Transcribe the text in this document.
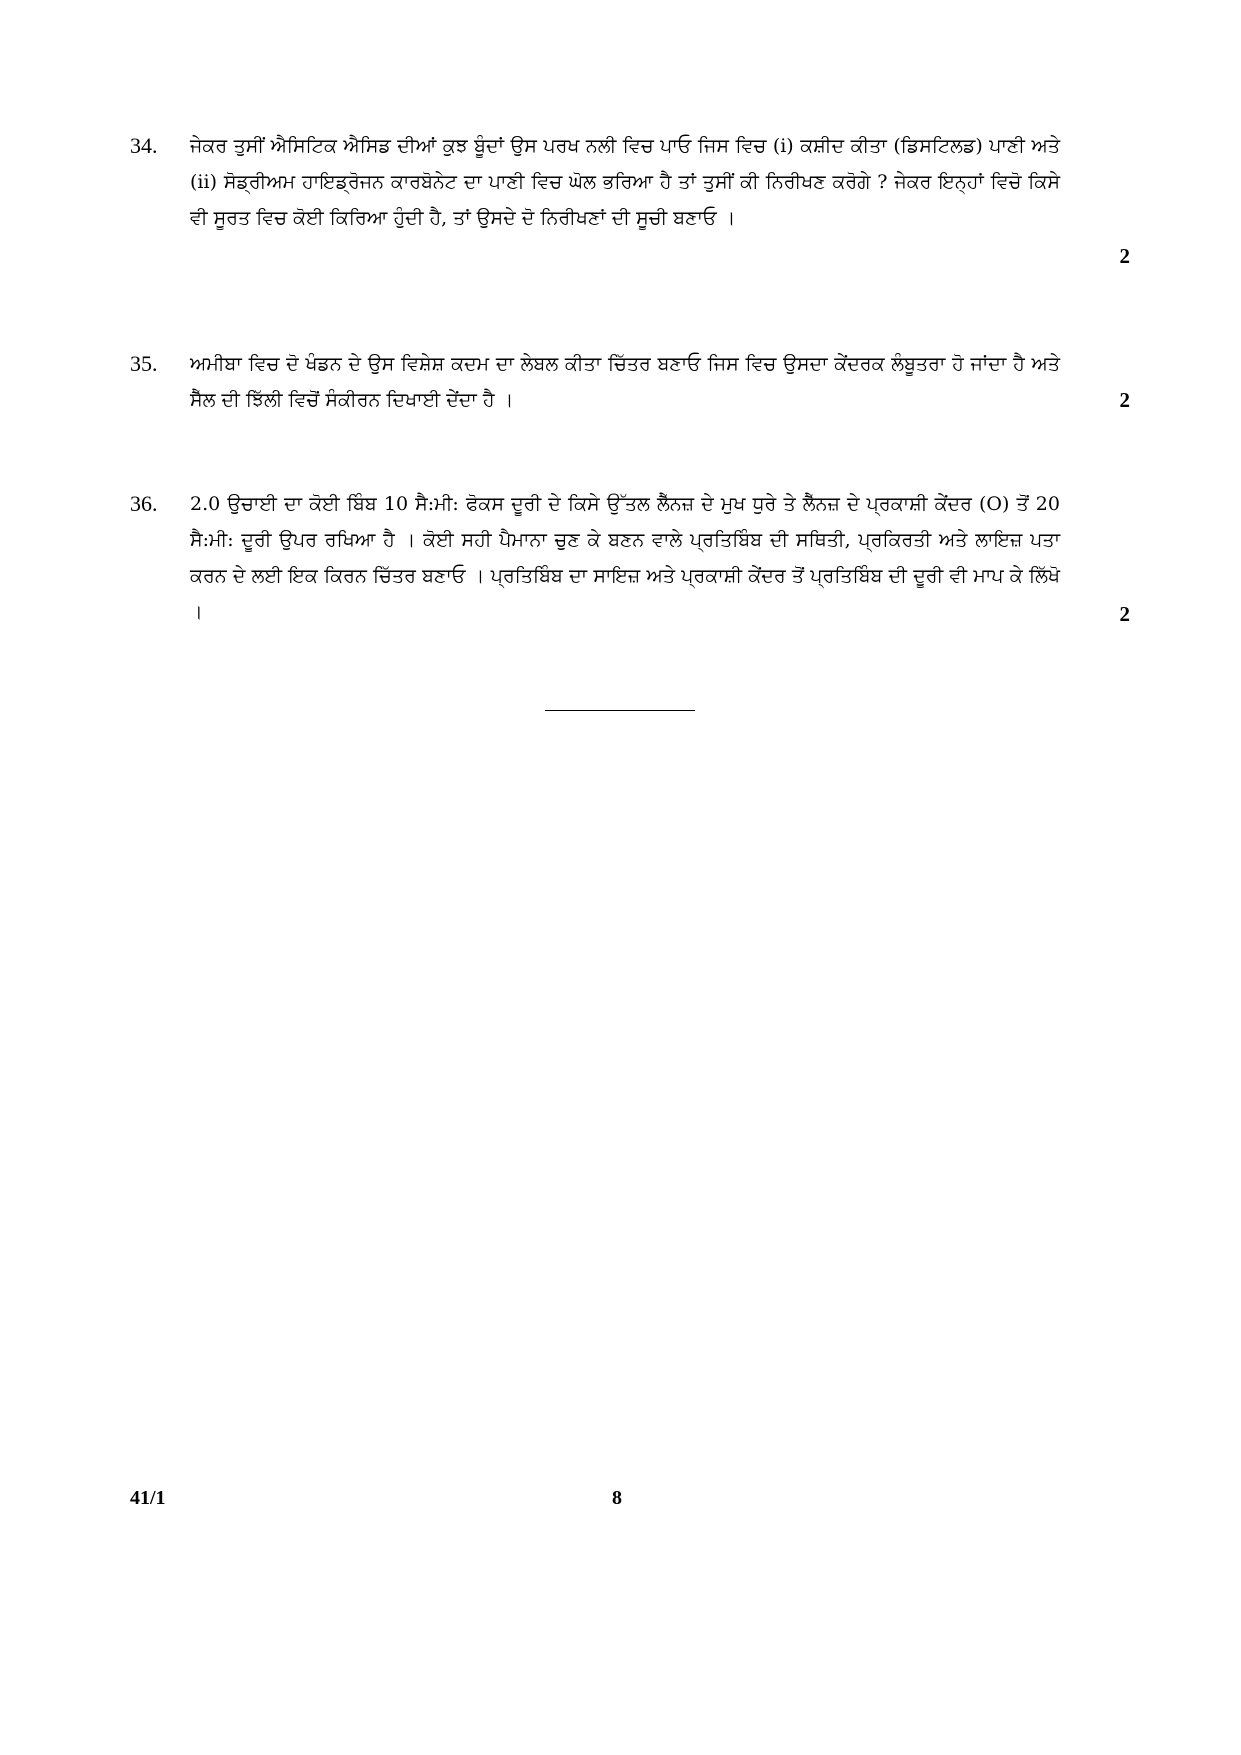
34. ਜੇਕਰ ਤੁਸੀਂ ਐਸਿਟਿਕ ਐਸਿਡ ਦੀਆਂ ਕੁਝ ਬੂੰਦਾਂ ਉਸ ਪਰਖ ਨਲੀ ਵਿਚ ਪਾਓ ਜਿਸ ਵਿਚ (i) ਕਸ਼ੀਦ ਕੀਤਾ (ਡਿਸਟਿਲਡ) ਪਾਣੀ ਅਤੇ (ii) ਸੋਡ੍ਰੀਅਮ ਹਾਇਡ੍ਰੋਜਨ ਕਾਰਬੋਨੇਟ ਦਾ ਪਾਣੀ ਵਿਚ ਘੋਲ ਭਰਿਆ ਹੈ ਤਾਂ ਤੁਸੀਂ ਕੀ ਨਿਰੀਖਣ ਕਰੋਗੇ ? ਜੇਕਰ ਇਨ੍ਹਾਂ ਵਿਚੋ ਕਿਸੇ ਵੀ ਸੂਰਤ ਵਿਚ ਕੋਈ ਕਿਰਿਆ ਹੁੰਦੀ ਹੈ, ਤਾਂ ਉਸਦੇ ਦੋ ਨਿਰੀਖਣਾਂ ਦੀ ਸੂਚੀ ਬਣਾਓ ।

2
35. ਅਮੀਬਾ ਵਿਚ ਦੋ ਖੰਡਨ ਦੇ ਉਸ ਵਿਸ਼ੇਸ਼ ਕਦਮ ਦਾ ਲੇਬਲ ਕੀਤਾ ਚਿੱਤਰ ਬਣਾਓ ਜਿਸ ਵਿਚ ਉਸਦਾ ਕੇਂਦਰਕ ਲੰਬੂਤਰਾ ਹੋ ਜਾਂਦਾ ਹੈ ਅਤੇ ਸੈੱਲ ਦੀ ਝਿੱਲੀ ਵਿਚੋਂ ਸੰਕੀਰਨ ਦਿਖਾਈ ਦੇਂਦਾ ਹੈ ।	2
36. 2.0 ਉਚਾਈ ਦਾ ਕੋਈ ਬਿੰਬ 10 ਸੈ:ਮੀ: ਫੋਕਸ ਦੂਰੀ ਦੇ ਕਿਸੇ ਉੱਤਲ ਲੈੱਨਜ਼ ਦੇ ਮੁਖ ਧੁਰੇ ਤੇ ਲੈੱਨਜ਼ ਦੇ ਪ੍ਰਕਾਸ਼ੀ ਕੇਂਦਰ (O) ਤੋਂ 20 ਸੈ:ਮੀ: ਦੂਰੀ ਉਪਰ ਰਖਿਆ ਹੈ । ਕੋਈ ਸਹੀ ਪੈਮਾਨਾ ਚੁਣ ਕੇ ਬਣਨ ਵਾਲੇ ਪ੍ਰਤਿਬਿੰਬ ਦੀ ਸਥਿਤੀ, ਪ੍ਰਕਿਰਤੀ ਅਤੇ ਲਾਇਜ਼ ਪਤਾ ਕਰਨ ਦੇ ਲਈ ਇਕ ਕਿਰਨ ਚਿੱਤਰ ਬਣਾਓ । ਪ੍ਰਤਿਬਿੰਬ ਦਾ ਸਾਇਜ਼ ਅਤੇ ਪ੍ਰਕਾਸ਼ੀ ਕੇਂਦਰ ਤੋਂ ਪ੍ਰਤਿਬਿੰਬ ਦੀ ਦੂਰੀ ਵੀ ਮਾਪ ਕੇ ਲਿੱਖੋ ।	2
41/1	8
